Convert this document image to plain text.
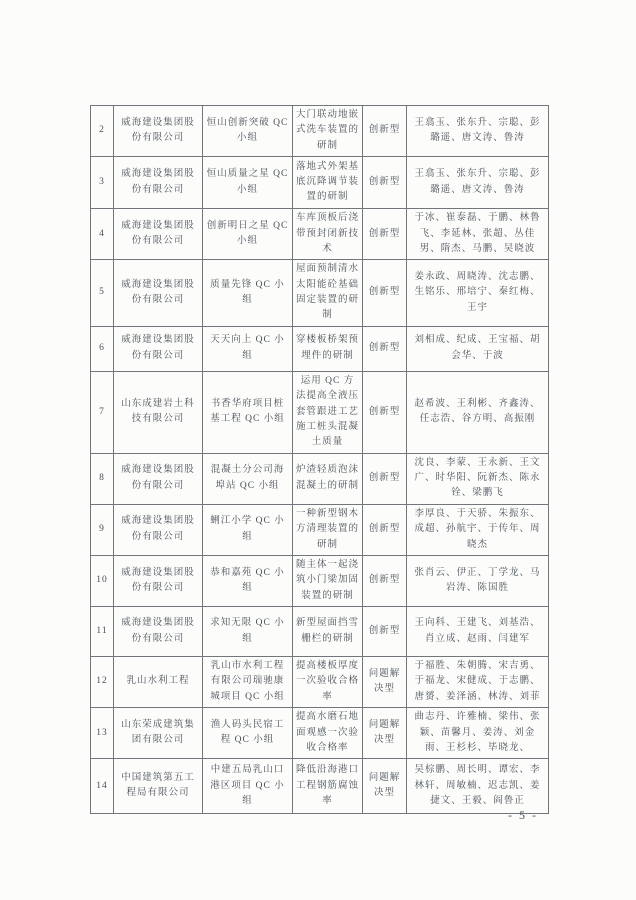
2	威海建设集团股份有限公司	恒山创新突破 QC 小组	大门联动地嵌式洗车装置的研制	创新型	王翕玉、张东升、宗聪、彭璐遥、唐文涛、鲁涛
3	威海建设集团股份有限公司	恒山质量之星 QC 小组	落地式外架基底沉降调节装置的研制	创新型	王翕玉、张东升、宗聪、彭璐遥、唐文涛、鲁涛
4	威海建设集团股份有限公司	创新明日之星 QC 小组	车库顶板后浇带预封闭新技术	创新型	于冰、崔泰磊、于鹏、林鲁飞、李延林、张超、丛佳男、隋杰、马鹏、吴晓波
5	威海建设集团股份有限公司	质量先锋 QC 小组	屋面预制清水太阳能砼基础固定装置的研制	创新型	姜永政、周晓涛、沈志鹏、生铭乐、邢培宁、秦红梅、王宇
6	威海建设集团股份有限公司	天天向上 QC 小组	穿楼板桥架预埋件的研制	创新型	刘相成、纪成、王宝福、胡会华、于波
7	山东成建岩土科技有限公司	书香华府项目桩基工程 QC 小组	运用 QC 方法提高全液压套管跟进工艺施工桩头混凝土质量	创新型	赵希波、王利彬、齐鑫涛、任志浩、谷方明、高振刚
8	威海建设集团股份有限公司	混凝土分公司海埠站 QC 小组	炉渣轻质泡沫混凝土的研制	创新型	沈良、李蒙、王永新、王文广、时华阳、阮新杰、陈永铨、梁鹏飞
9	威海建设集团股份有限公司	蜊江小学 QC 小组	一种新型钢木方清理装置的研制	创新型	李厚良、于天骄、朱振东、成超、孙航宇、于传年、周晓杰
10	威海建设集团股份有限公司	恭和嘉苑 QC 小组	随主体一起浇筑小门梁加固装置的研制	创新型	张肖云、伊正、丁学龙、马岩涛、陈国胜
11	威海建设集团股份有限公司	求知无限 QC 小组	新型屋面挡雪栅栏的研制	创新型	王向科、王建飞、刘基浩、肖立成、赵雨、闫建军
12	乳山水利工程	乳山市水利工程有限公司瑞驰康城项目 QC 小组	提高楼板厚度一次验收合格率	问题解决型	于福胜、朱朝腾、宋吉勇、于福龙、宋健成、于志鹏、唐赟、姜泽涵、林涛、刘菲
13	山东荣成建筑集团有限公司	渔人码头民宿工程 QC 小组	提高水磨石地面观感一次验收合格率	问题解决型	曲志丹、许雅楠、梁伟、张颖、苗馨月、姜涛、刘金雨、王杉杉、毕晓龙、
14	中国建筑第五工程局有限公司	中建五局乳山口港区项目 QC 小组	降低沿海港口工程钢筋腐蚀率	问题解决型	吴棕鹏、周长明、谭宏、李林轩、周敏楠、迟志凯、姜捷文、王毅、阎鲁正
- 5 -
